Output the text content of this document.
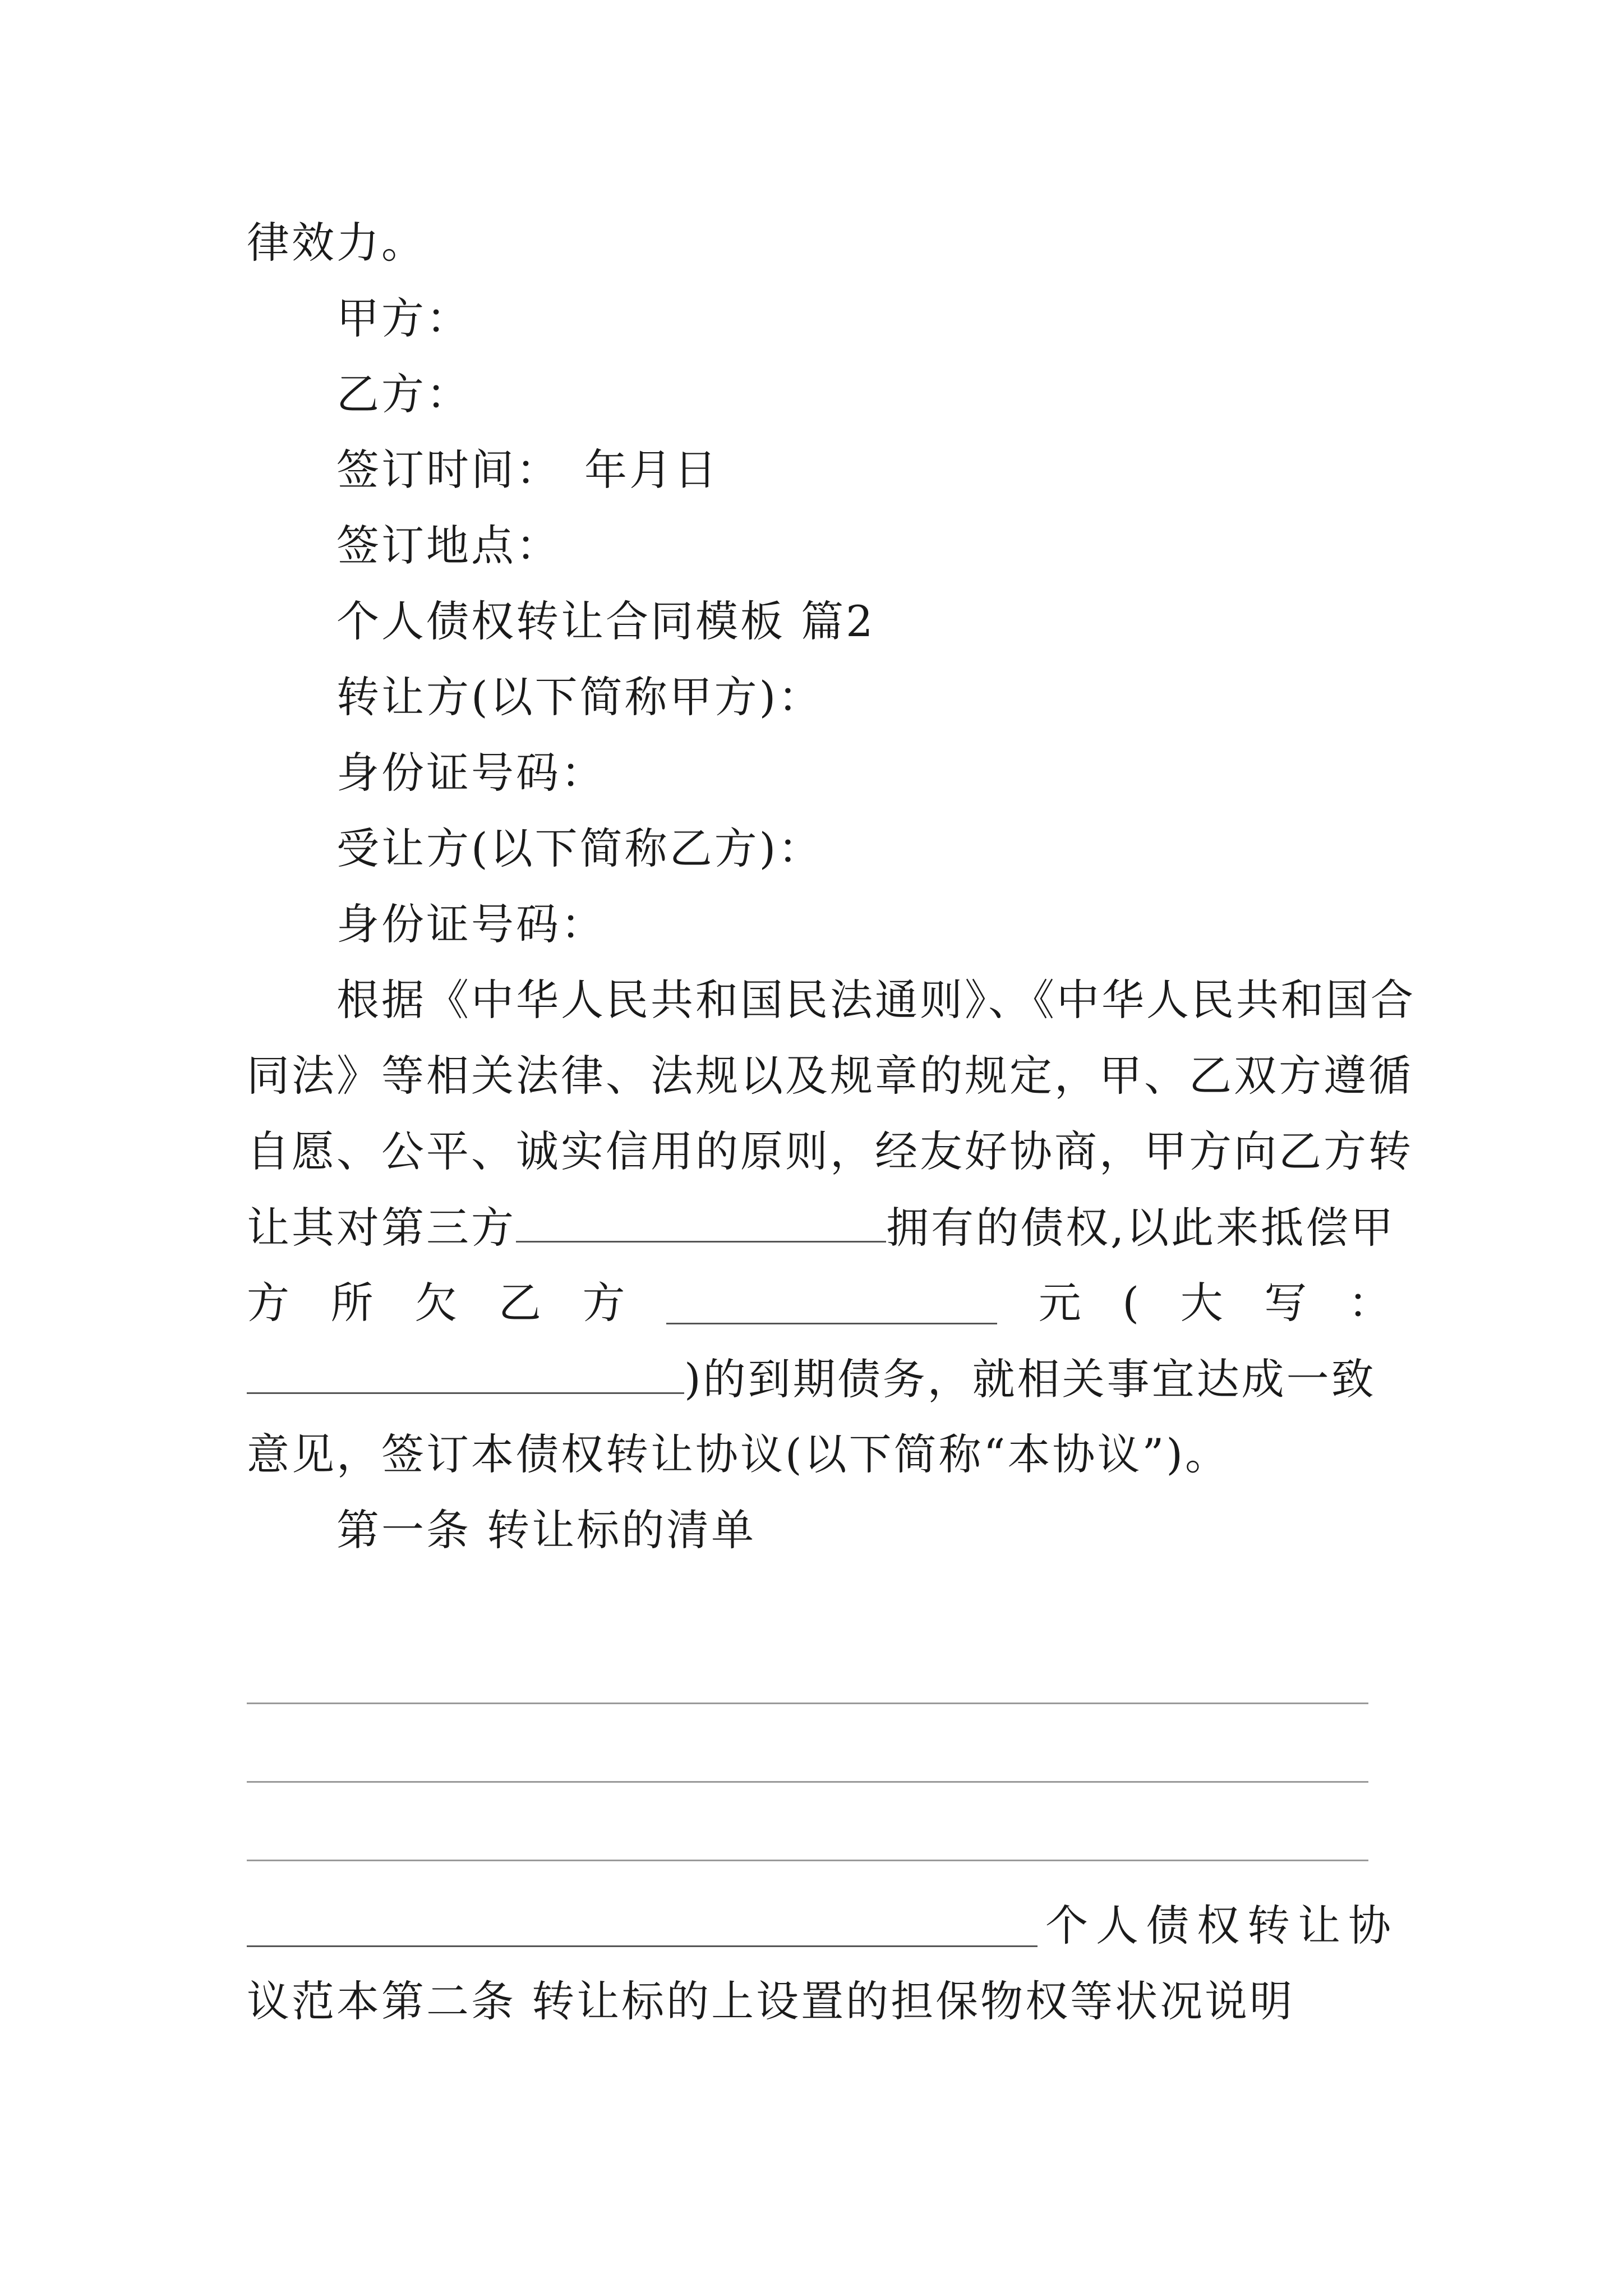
律效力。
甲方：
乙方：
签订时间：　年月日
签订地点：
个人债权转让合同模板 篇2
转让方(以下简称甲方)：
身份证号码：
受让方(以下简称乙方)：
身份证号码：
根据《中华人民共和国民法通则》、《中华人民共和国合
同法》等相关法律、法规以及规章的规定，甲、乙双方遵循
自愿、公平、诚实信用的原则，经友好协商，甲方向乙方转
让其对第三方	拥有的债权,以此来抵偿甲
方 所 欠 乙 方	元 ( 大 写 ：
)的到期债务，就相关事宜达成一致
意见，签订本债权转让协议(以下简称“本协议”)。
第一条 转让标的清单
个 人 债 权 转 让 协
议范本第二条 转让标的上设置的担保物权等状况说明
